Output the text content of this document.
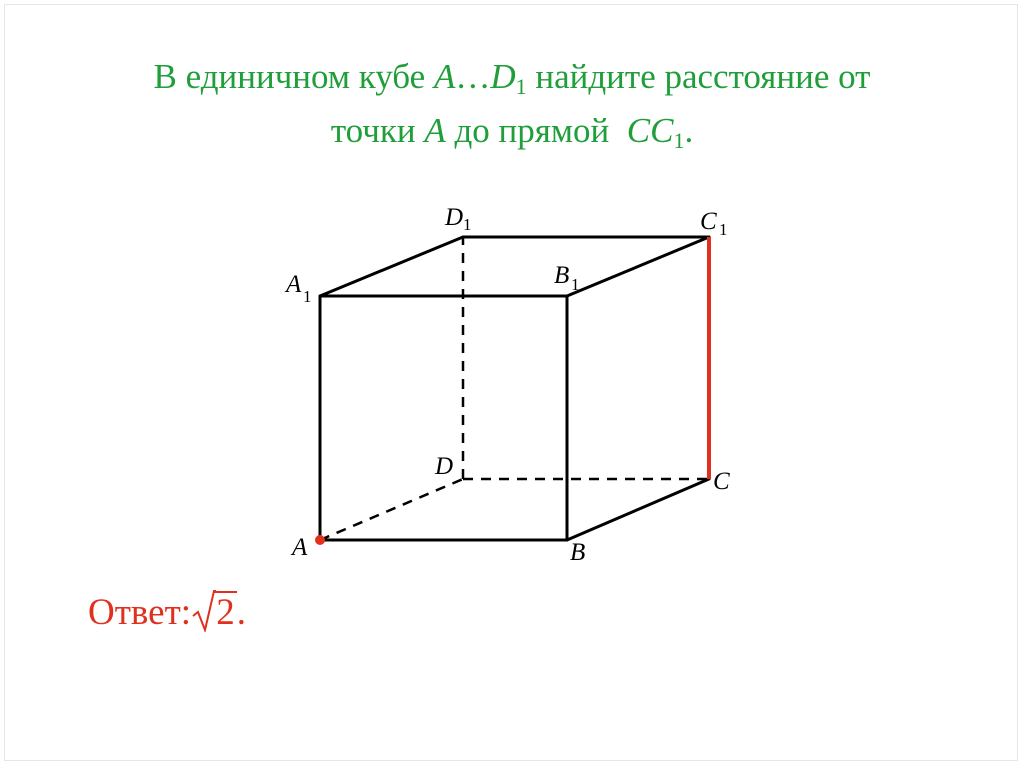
В единичном кубе $A\dots D_1$ найдите расстояние от
точки A до прямой  $CC_1$.
A	B
C
D
A 1
B 1
C 1
D 1
Ответ: 2.
